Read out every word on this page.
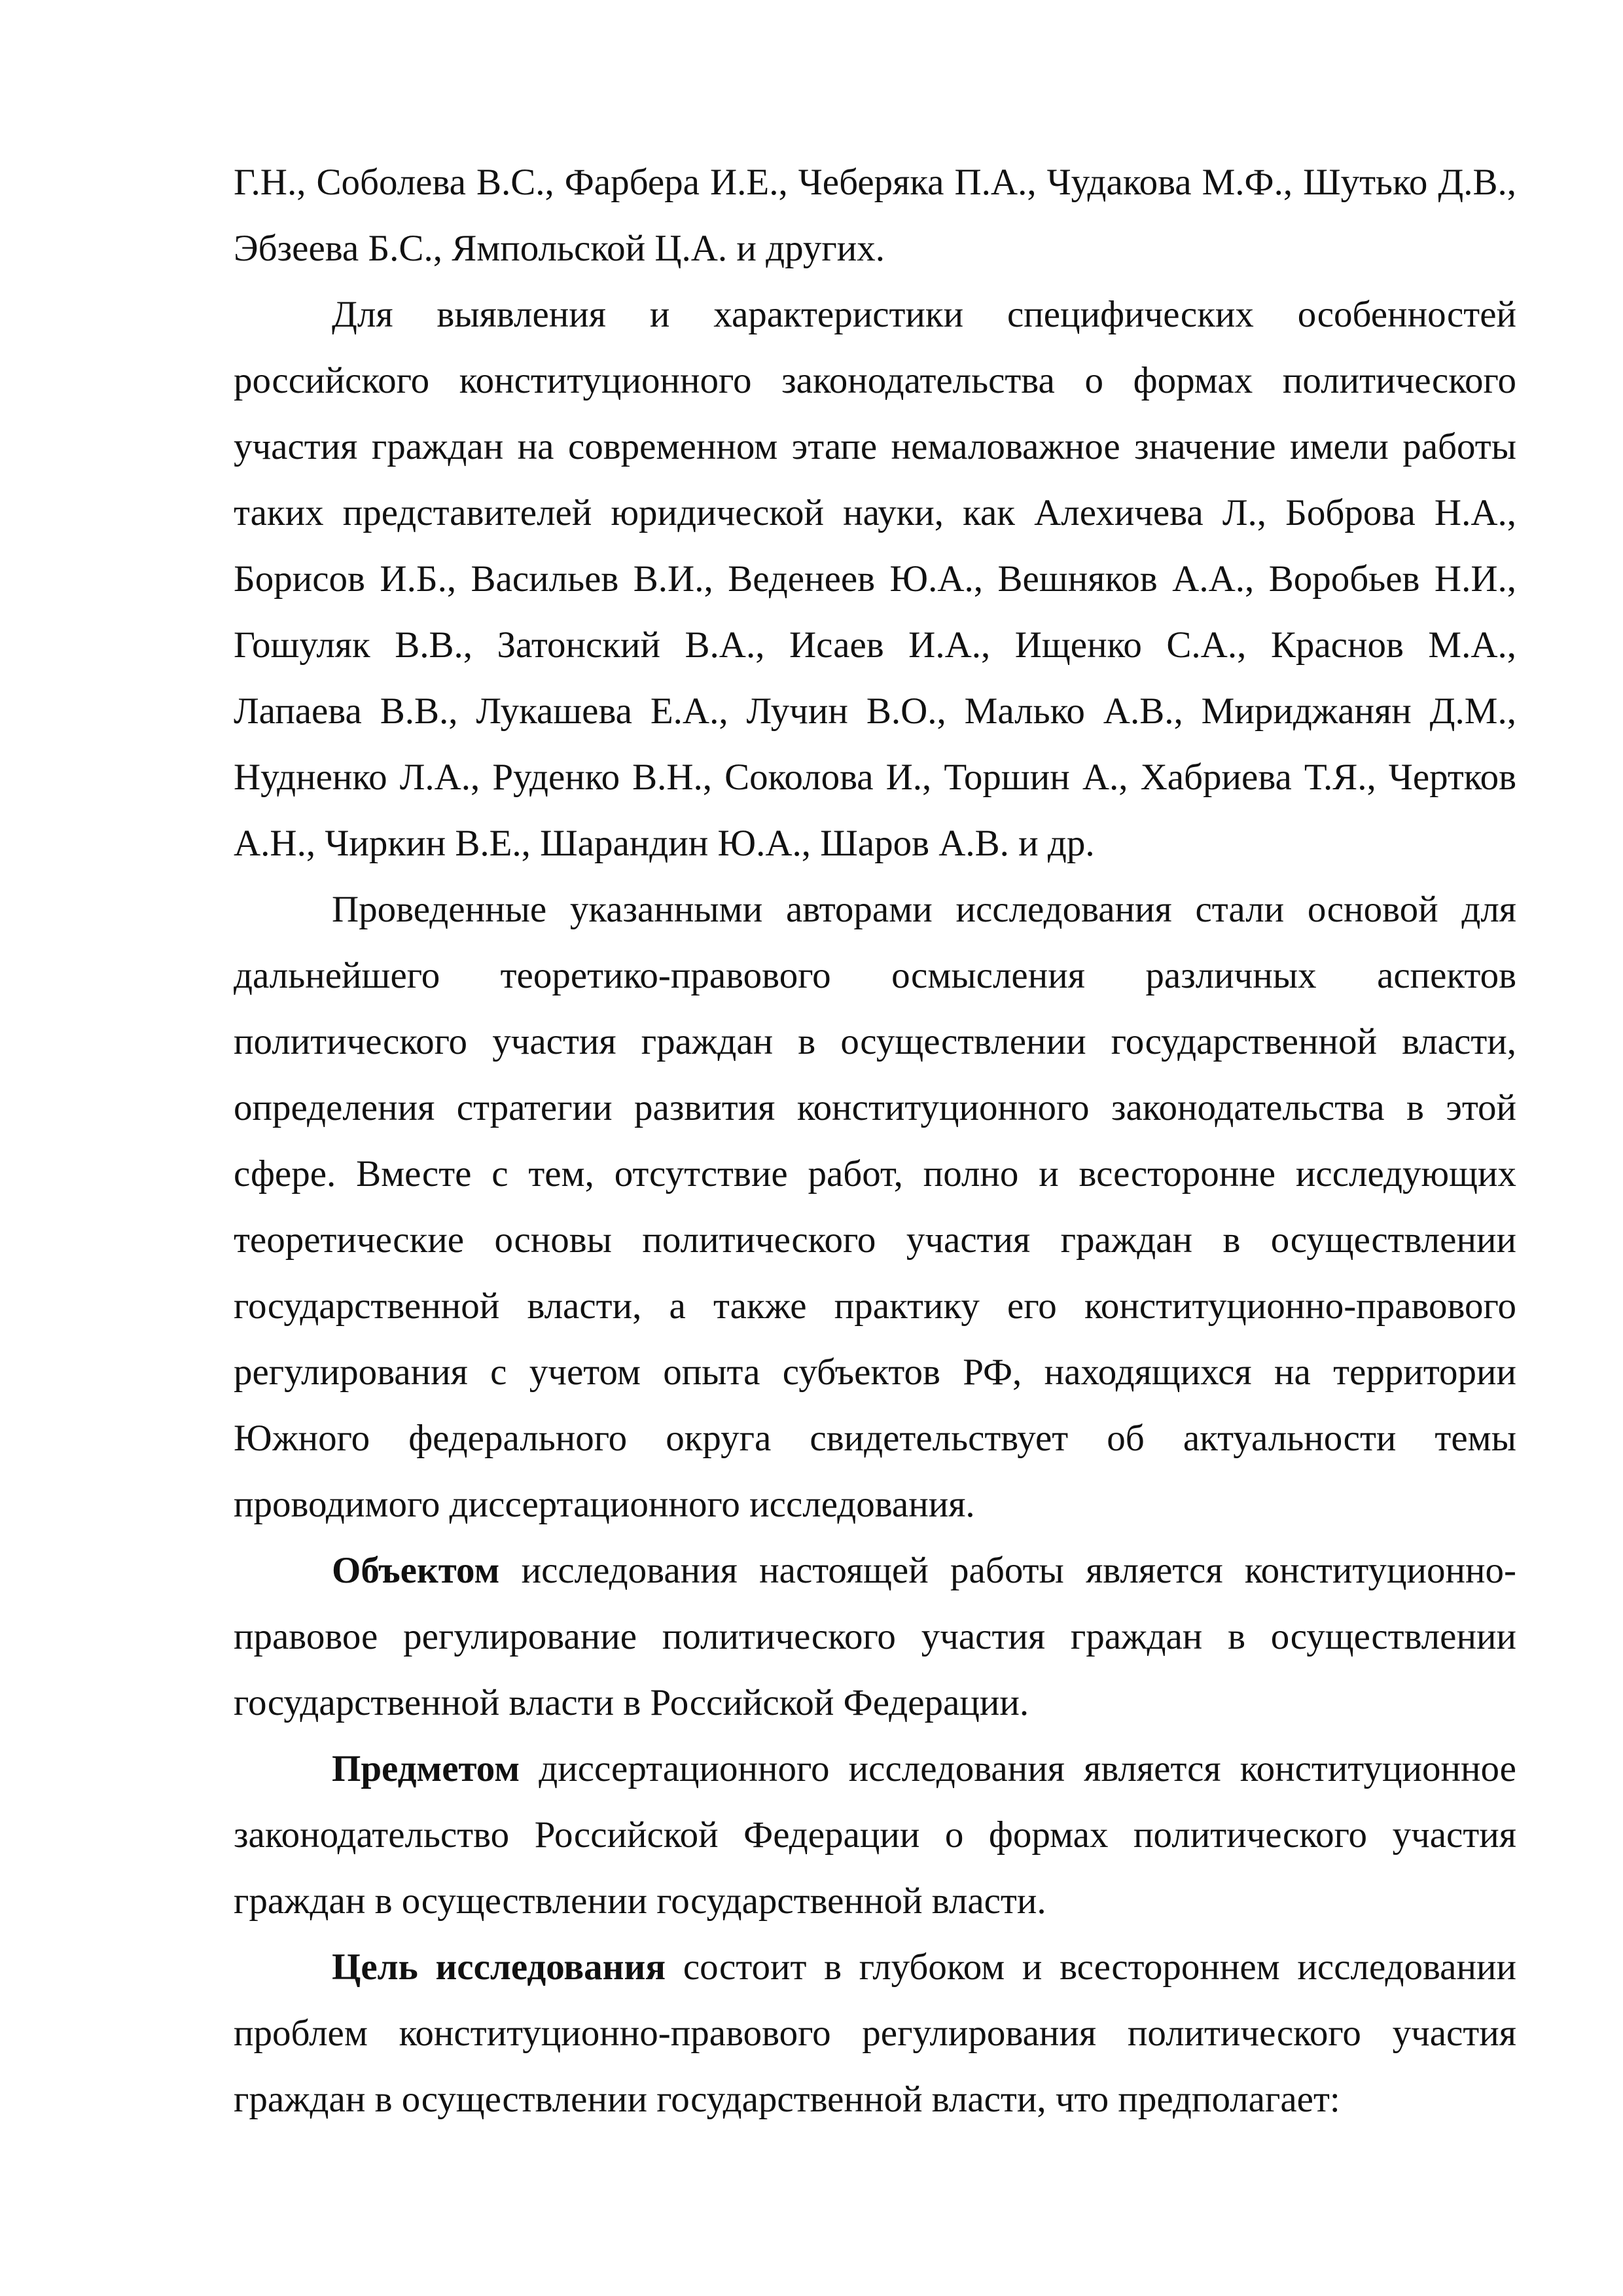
Г.Н., Соболева В.С., Фарбера И.Е., Чеберяка П.А., Чудакова М.Ф., Шутько Д.В., Эбзеева Б.С., Ямпольской Ц.А. и других.

Для выявления и характеристики специфических особенностей российского конституционного законодательства о формах политического участия граждан на современном этапе немаловажное значение имели работы таких представителей юридической науки, как Алехичева Л., Боброва Н.А., Борисов И.Б., Васильев В.И., Веденеев Ю.А., Вешняков А.А., Воробьев Н.И., Гошуляк В.В., Затонский В.А., Исаев И.А., Ищенко С.А., Краснов М.А., Лапаева В.В., Лукашева Е.А., Лучин В.О., Малько А.В., Мириджанян Д.М., Нудненко Л.А., Руденко В.Н., Соколова И., Торшин А., Хабриева Т.Я., Чертков А.Н., Чиркин В.Е., Шарандин Ю.А., Шаров А.В. и др.

Проведенные указанными авторами исследования стали основой для дальнейшего теоретико-правового осмысления различных аспектов политического участия граждан в осуществлении государственной власти, определения стратегии развития конституционного законодательства в этой сфере. Вместе с тем, отсутствие работ, полно и всесторонне исследующих теоретические основы политического участия граждан в осуществлении государственной власти, а также практику его конституционно-правового регулирования с учетом опыта субъектов РФ, находящихся на территории Южного федерального округа свидетельствует об актуальности темы проводимого диссертационного исследования.

Объектом исследования настоящей работы является конституционно-правовое регулирование политического участия граждан в осуществлении государственной власти в Российской Федерации.

Предметом диссертационного исследования является конституционное законодательство Российской Федерации о формах политического участия граждан в осуществлении государственной власти.

Цель исследования состоит в глубоком и всестороннем исследовании проблем конституционно-правового регулирования политического участия граждан в осуществлении государственной власти, что предполагает:
